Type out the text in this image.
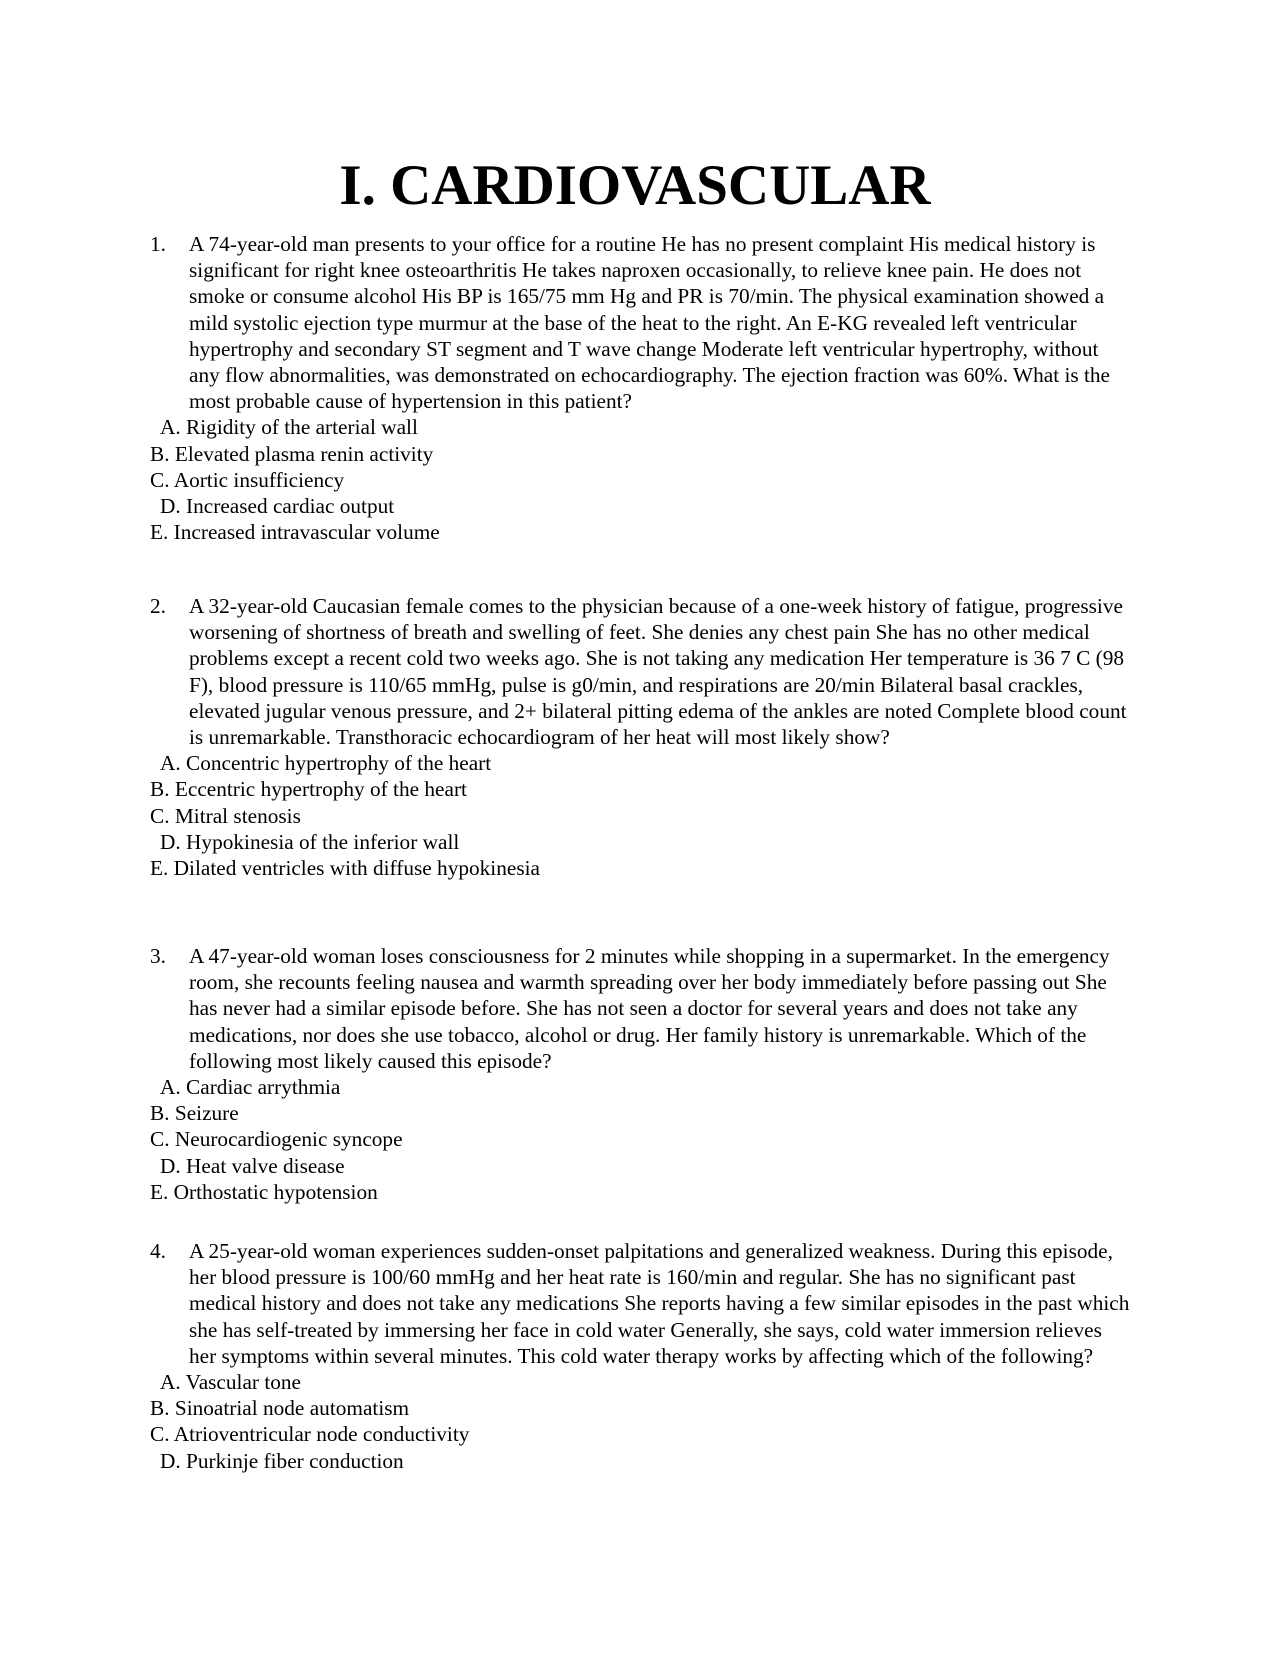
I. CARDIOVASCULAR
1. A 74-year-old man presents to your office for a routine He has no present complaint His medical history is significant for right knee osteoarthritis He takes naproxen occasionally, to relieve knee pain. He does not smoke or consume alcohol His BP is 165/75 mm Hg and PR is 70/min. The physical examination showed a mild systolic ejection type murmur at the base of the heat to the right. An E-KG revealed left ventricular hypertrophy and secondary ST segment and T wave change Moderate left ventricular hypertrophy, without any flow abnormalities, was demonstrated on echocardiography. The ejection fraction was 60%. What is the most probable cause of hypertension in this patient?
A. Rigidity of the arterial wall
B. Elevated plasma renin activity
C. Aortic insufficiency
D. Increased cardiac output
E. Increased intravascular volume
2. A 32-year-old Caucasian female comes to the physician because of a one-week history of fatigue, progressive worsening of shortness of breath and swelling of feet. She denies any chest pain She has no other medical problems except a recent cold two weeks ago. She is not taking any medication Her temperature is 36 7 C (98 F), blood pressure is 110/65 mmHg, pulse is g0/min, and respirations are 20/min Bilateral basal crackles, elevated jugular venous pressure, and 2+ bilateral pitting edema of the ankles are noted Complete blood count is unremarkable. Transthoracic echocardiogram of her heat will most likely show?
A. Concentric hypertrophy of the heart
B. Eccentric hypertrophy of the heart
C. Mitral stenosis
D. Hypokinesia of the inferior wall
E. Dilated ventricles with diffuse hypokinesia
3. A 47-year-old woman loses consciousness for 2 minutes while shopping in a supermarket. In the emergency room, she recounts feeling nausea and warmth spreading over her body immediately before passing out She has never had a similar episode before. She has not seen a doctor for several years and does not take any medications, nor does she use tobacco, alcohol or drug. Her family history is unremarkable. Which of the following most likely caused this episode?
A. Cardiac arrythmia
B. Seizure
C. Neurocardiogenic syncope
D. Heat valve disease
E. Orthostatic hypotension
4. A 25-year-old woman experiences sudden-onset palpitations and generalized weakness. During this episode, her blood pressure is 100/60 mmHg and her heat rate is 160/min and regular. She has no significant past medical history and does not take any medications She reports having a few similar episodes in the past which she has self-treated by immersing her face in cold water Generally, she says, cold water immersion relieves her symptoms within several minutes. This cold water therapy works by affecting which of the following?
A. Vascular tone
B. Sinoatrial node automatism
C. Atrioventricular node conductivity
D. Purkinje fiber conduction
